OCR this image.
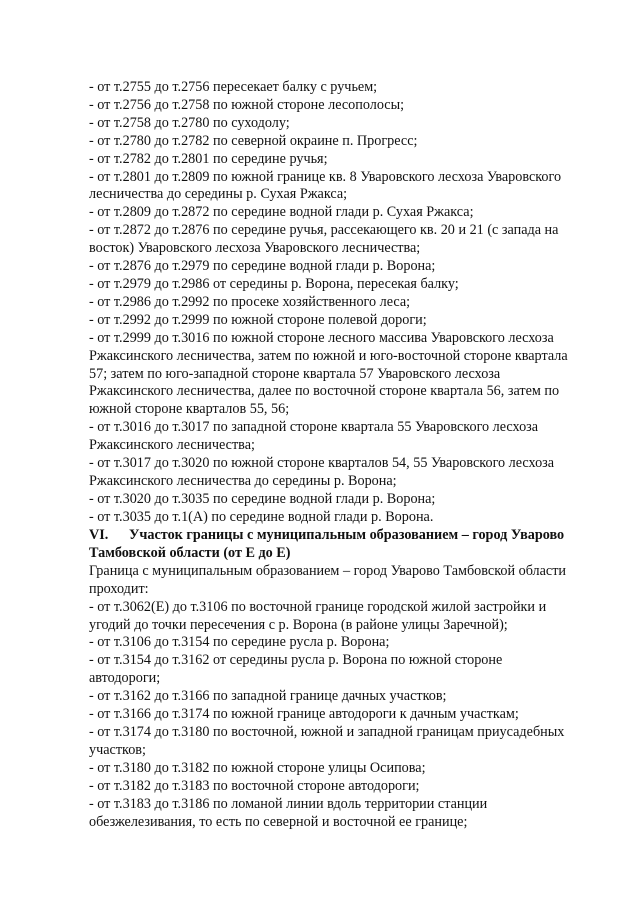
- от т.2755 до т.2756 пересекает балку с ручьем;
- от т.2756 до т.2758 по южной стороне лесополосы;
- от т.2758 до т.2780 по суходолу;
- от т.2780 до т.2782 по северной окраине п. Прогресс;
- от т.2782 до т.2801 по середине ручья;
- от т.2801 до т.2809 по южной границе кв. 8 Уваровского лесхоза Уваровского
лесничества до середины р. Сухая Ржакса;
- от т.2809 до т.2872 по середине водной глади р. Сухая Ржакса;
- от т.2872 до т.2876 по середине ручья, рассекающего кв. 20 и 21 (с запада на
восток) Уваровского лесхоза Уваровского лесничества;
- от т.2876 до т.2979 по середине водной глади р. Ворона;
- от т.2979 до т.2986 от середины р. Ворона, пересекая балку;
- от т.2986 до т.2992 по просеке хозяйственного леса;
- от т.2992 до т.2999 по южной стороне полевой дороги;
- от т.2999 до т.3016 по южной стороне лесного массива Уваровского лесхоза
Ржаксинского лесничества, затем по южной и юго-восточной стороне квартала
57; затем по юго-западной стороне квартала 57 Уваровского лесхоза
Ржаксинского лесничества, далее по восточной стороне квартала 56, затем по
южной стороне кварталов 55, 56;
- от т.3016 до т.3017 по западной стороне квартала 55 Уваровского лесхоза
Ржаксинского лесничества;
- от т.3017 до т.3020 по южной стороне кварталов 54, 55 Уваровского лесхоза
Ржаксинского лесничества до середины р. Ворона;
- от т.3020 до т.3035 по середине водной глади р. Ворона;
- от т.3035 до т.1(А) по середине водной глади р. Ворона.
VI. Участок границы с муниципальным образованием – город Уварово
Тамбовской области (от Е до Е)
Граница с муниципальным образованием – город Уварово Тамбовской области
проходит:
- от т.3062(Е) до т.3106 по восточной границе городской жилой застройки и
угодий до точки пересечения с р. Ворона (в районе улицы Заречной);
- от т.3106 до т.3154 по середине русла р. Ворона;
- от т.3154 до т.3162 от середины русла р. Ворона по южной стороне
автодороги;
- от т.3162 до т.3166 по западной границе дачных участков;
- от т.3166 до т.3174 по южной границе автодороги к дачным участкам;
- от т.3174 до т.3180 по восточной, южной и западной границам приусадебных
участков;
- от т.3180 до т.3182 по южной стороне улицы Осипова;
- от т.3182 до т.3183 по восточной стороне автодороги;
- от т.3183 до т.3186 по ломаной линии вдоль территории станции
обезжелезивания, то есть по северной и восточной ее границе;
